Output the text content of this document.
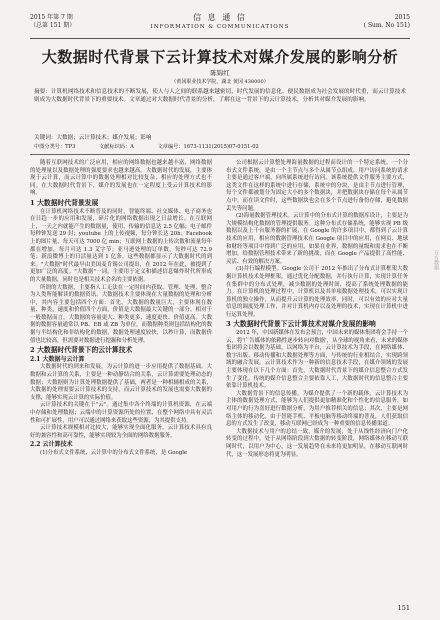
2015 年第 7 期
（总第 151 期）
信 息 通 信
INFORMATION & COMMUNICATIONS
2015
( Sum. No 151)
大数据时代背景下云计算技术对媒介发展的影响分析
陈锦红
（黄冈职业技术学院，湖北 黄冈 438000）
摘要：计算机网络技术和信息技术的不断发展，使人与人之间的联系越来越密切，时代发展的信息化、便民数据成为社会发展的时代重，而云计算技术则成为大数据时代背景下的重要技术。文章通过对大数据时代背景的分析，了解在这一背景下的云计算技术，分析其对媒介发展的影响。
关键词：大数据；云计算技术；媒介发展；影响
中图分类号：TP3	文献标识码：A	文章编号：1673-1131(2015)07-0151-02

随着互联网技术的广泛应用，相应的网络数据也越来越丰富，网络数据的处理量以及数据处理的强度要求也越来越高。大数据时代的发展，主要体现于云计算，而云计算中的数据处理相对比较复杂，相应的处理方式也不同。在大数据时代背景下，媒介的发展也在一定程度上受云计算技术的影响。

1 大数据时代背景发展

在计算机网络技术不断普及的同时，智能终端、社交媒体、电子商务也在日趋一步的应用和发展，碎片化的网络数据出现之日益增长。在互联网上，一天之内就能产生的数据量，使用、传输的信息达 2.5 亿幅；电子邮件每秒钟发送 29 封；youtube 上的上传视频，每分钟长达 20h；Facebook 上的图片量，每天可达 7000 亿 min；互联网上数据的上传次数和流量每年都在增加，每月可达 1.3 艾字节；亚马逊处理的订单数，每秒可达 72.9 笔；新浪微博上的日活量达到 1 亿条。这些数据都显示了大数据时代的到来。"大数据"时代最早由美国麦肯锡公司提出，在 2012 年在此，被提到了更加广泛的高度。"大数据"一词，主要用于定义和描述信息爆炸时代所形成的大量数据，同时也是相关技术会名的主要依据。

所谓的大数据，主要指人工无法在一定时间内获取、管理、处理、整合为人类所能解读的数据资讯。大数据技术主要体现在大量数据的处理和分析中，其内容主要包括四个方面：首先，大数据的数量巨大，主要体现在数量、种类，速度和价值四个方面，价值是大数据最大关键的一部分。相对于一般数据而言，大数据的容量更大、种类更多、速度更快、价值更高。大数据的数据容量通常以 PB、EB 或 ZB 为单位，而数据种类则包括结构化的数据与半结构化和非结构化的数据，数据处理速度较快，以秒计算，而数据价值也比较高，但需要对数据进行挖掘和分析处理。

2 大数据时代背景下的云计算技术
2.1 大数据与云计算

大数据时代的到来和发展，为云计算的进一步应用提供了数据基础。大数据和云计算的关系，主要是一种动静结合的关系，云计算需要处理动态的数据；大数据则为计算处理数据提供了基础，两者是一种相辅相成的关系，大数据的处理需要云计算技术的支持，而云计算技术的发展也需要大数据的支撑，能够实现云计算的实际价值。

云计算技术的关键在于"云"。通过集中各个终端的计算机资源，在云端中存储和处理数据；云端中的计算资源所处的位置，在整个网络中具有灵活性和可扩展性，用户可以通过网络来获取这些资源，为其提供支持。

云计算技术规模相对比较大，能够实现全面化服务，云计算技术具有良好的兼容性和高可靠性，能够实现较为全面的网络数据服务。

2.2 云计算技术

(1)分布式文件系统，云计算中的分布式文件系统，是 Google

公司根据云计算整处理海量数据的过程而设计的一个特定系统。一个分布式文件系统，是由一个主节点与多个从属节点组成。用户访问系统的请求主要是通过客户端，向所属系统进行访问。该系统提供文件服务主要方式，这类文件在这样的系统中进行存储，系统中的分块，是由主节点进行管理，每个文件都被划分为固定大小的多个数据块，并把数据块存储在每个从属节点中，而在读文件时，这些数据块也会在多个节点进行备份存储，避免数据丢失等问题。

(2)海量数据管理技术。云计算中的分布式计算的数据库设计，主要是为大规模结构化数据的管理提供服务。这种分布式存储系统，能够实现 PB 级数据以及上千台服务器的扩展，在 Google 的许多项目中，都得到了云计算技术的应用，相应的数据管理技术在 Google 项目中的应用，在网页、地球和财经等项目中得到广泛的应用，如果在业界，数据的量级和需求也在不断增加，给数据管理技术带来了新的挑战，而在 Google 产品提供了高性能、灵活、有效的解决方案。

(3)并行编程模型。Google 公司于 2012 年推出了分布式计算框架大数据计算机技术处理框架，通过优化分配数据，并行执行计算，实现计算任务在集群中的分布式处理，减少数据的处理时间，提高了系统处理数据的能力。在计算机的处理过程中，计算机以及其单项数据处理技术，可以实现计算机的独立操作，从而提升云计算的处理效率，同时，可以有效的应对大量信息的调度处理工作，并对计算机内存以及处理的技术，实现在计算机中进行运算处理。

3 大数据时代背景下云计算技术对媒介发展的影响

2012 年，中国新媒体在发布会预言，中国未来的媒体集团将会手持一个云，将'广告媒体的依赖性逐步转向对数据'，从全球的视角来看，未来的媒体集团将会以数据为基础，以网络为平台，云计算技术为手段，在网络媒体、数字出版、移动传播和大数据处理等方面，与传统的行业相结合，实现跨领域的融合发展。云计算技术作为一种新的信息技术手段，在媒介领域的发展主要体现在以下几个方面：首先，大数据时代背景下的媒介信息整合方式发生了变化，传统的媒介信息整合主要依靠人工，大数据时代的信息整合主要依靠计算机技术。

大数据背景下的信息传播，为媒介提供了一个新的载体，云计算技术为主体的数据处理方式，能够为人们提供更加精准化和个性化的信息服务，如对用户的行为喜好进行数据分析，为用户推荐相关的信息；其次，主要是网络主体的移动化。由于智能手机、平板电脑等移动终端的普及，人们获取信息的方式发生了改变，移动互联网已经成为一种重要的信息传播渠道。

大数据技术与用户的总结一致，媒介的发展，处于从线性经济向门户化转变的过程中，处于从网络阶段到大数据的转变阶段，网络媒体在移动互联网时代，以用户为中心，这一发展趋势在未来将更加明显，在移动互联网时代，这一发展形态将更为明显。

151
万方数据
